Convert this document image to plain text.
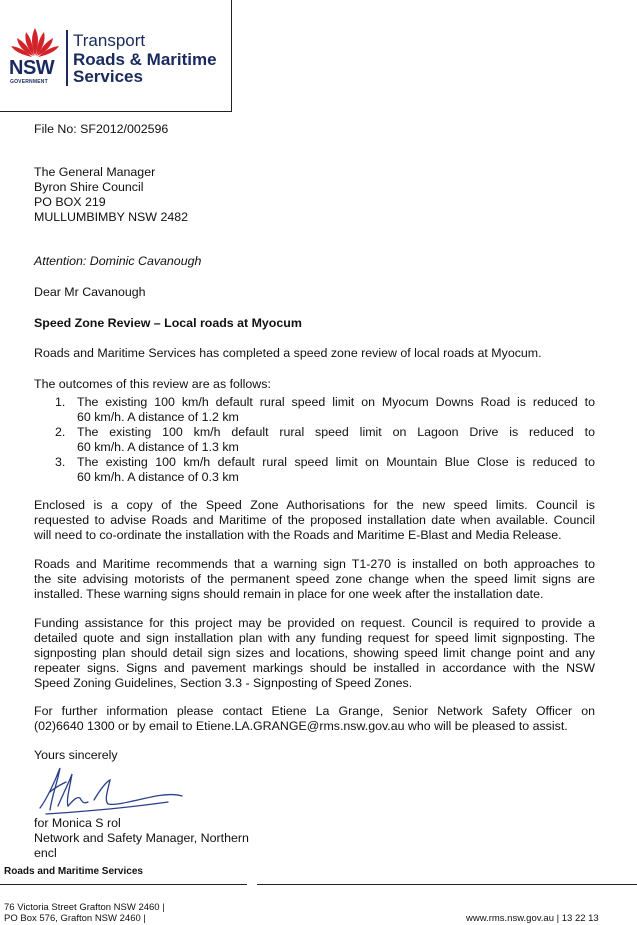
NSW
GOVERNMENT
Transport
Roads & Maritime
Services
File No: SF2012/002596
The General Manager
Byron Shire Council
PO BOX 219
MULLUMBIMBY NSW 2482
Attention: Dominic Cavanough
Dear Mr Cavanough
Speed Zone Review – Local roads at Myocum
Roads and Maritime Services has completed a speed zone review of local roads at Myocum.
The outcomes of this review are as follows:
1. The existing 100 km/h default rural speed limit on Myocum Downs Road is reduced to
60 km/h. A distance of 1.2 km
2. The existing 100 km/h default rural speed limit on Lagoon Drive is reduced to
60 km/h. A distance of 1.3 km
3. The existing 100 km/h default rural speed limit on Mountain Blue Close is reduced to
60 km/h. A distance of 0.3 km
Enclosed is a copy of the Speed Zone Authorisations for the new speed limits. Council is
requested to advise Roads and Maritime of the proposed installation date when available. Council
will need to co-ordinate the installation with the Roads and Maritime E-Blast and Media Release.
Roads and Maritime recommends that a warning sign T1-270 is installed on both approaches to
the site advising motorists of the permanent speed zone change when the speed limit signs are
installed. These warning signs should remain in place for one week after the installation date.
Funding assistance for this project may be provided on request. Council is required to provide a
detailed quote and sign installation plan with any funding request for speed limit signposting. The
signposting plan should detail sign sizes and locations, showing speed limit change point and any
repeater signs. Signs and pavement markings should be installed in accordance with the NSW
Speed Zoning Guidelines, Section 3.3 - Signposting of Speed Zones.
For further information please contact Etiene La Grange, Senior Network Safety Officer on
(02)6640 1300 or by email to Etiene.LA.GRANGE@rms.nsw.gov.au who will be pleased to assist.
Yours sincerely
for Monica S rol
Network and Safety Manager, Northern
encl
Roads and Maritime Services
76 Victoria Street Grafton NSW 2460 |
PO Box 576, Grafton NSW 2460 |	www.rms.nsw.gov.au | 13 22 13
